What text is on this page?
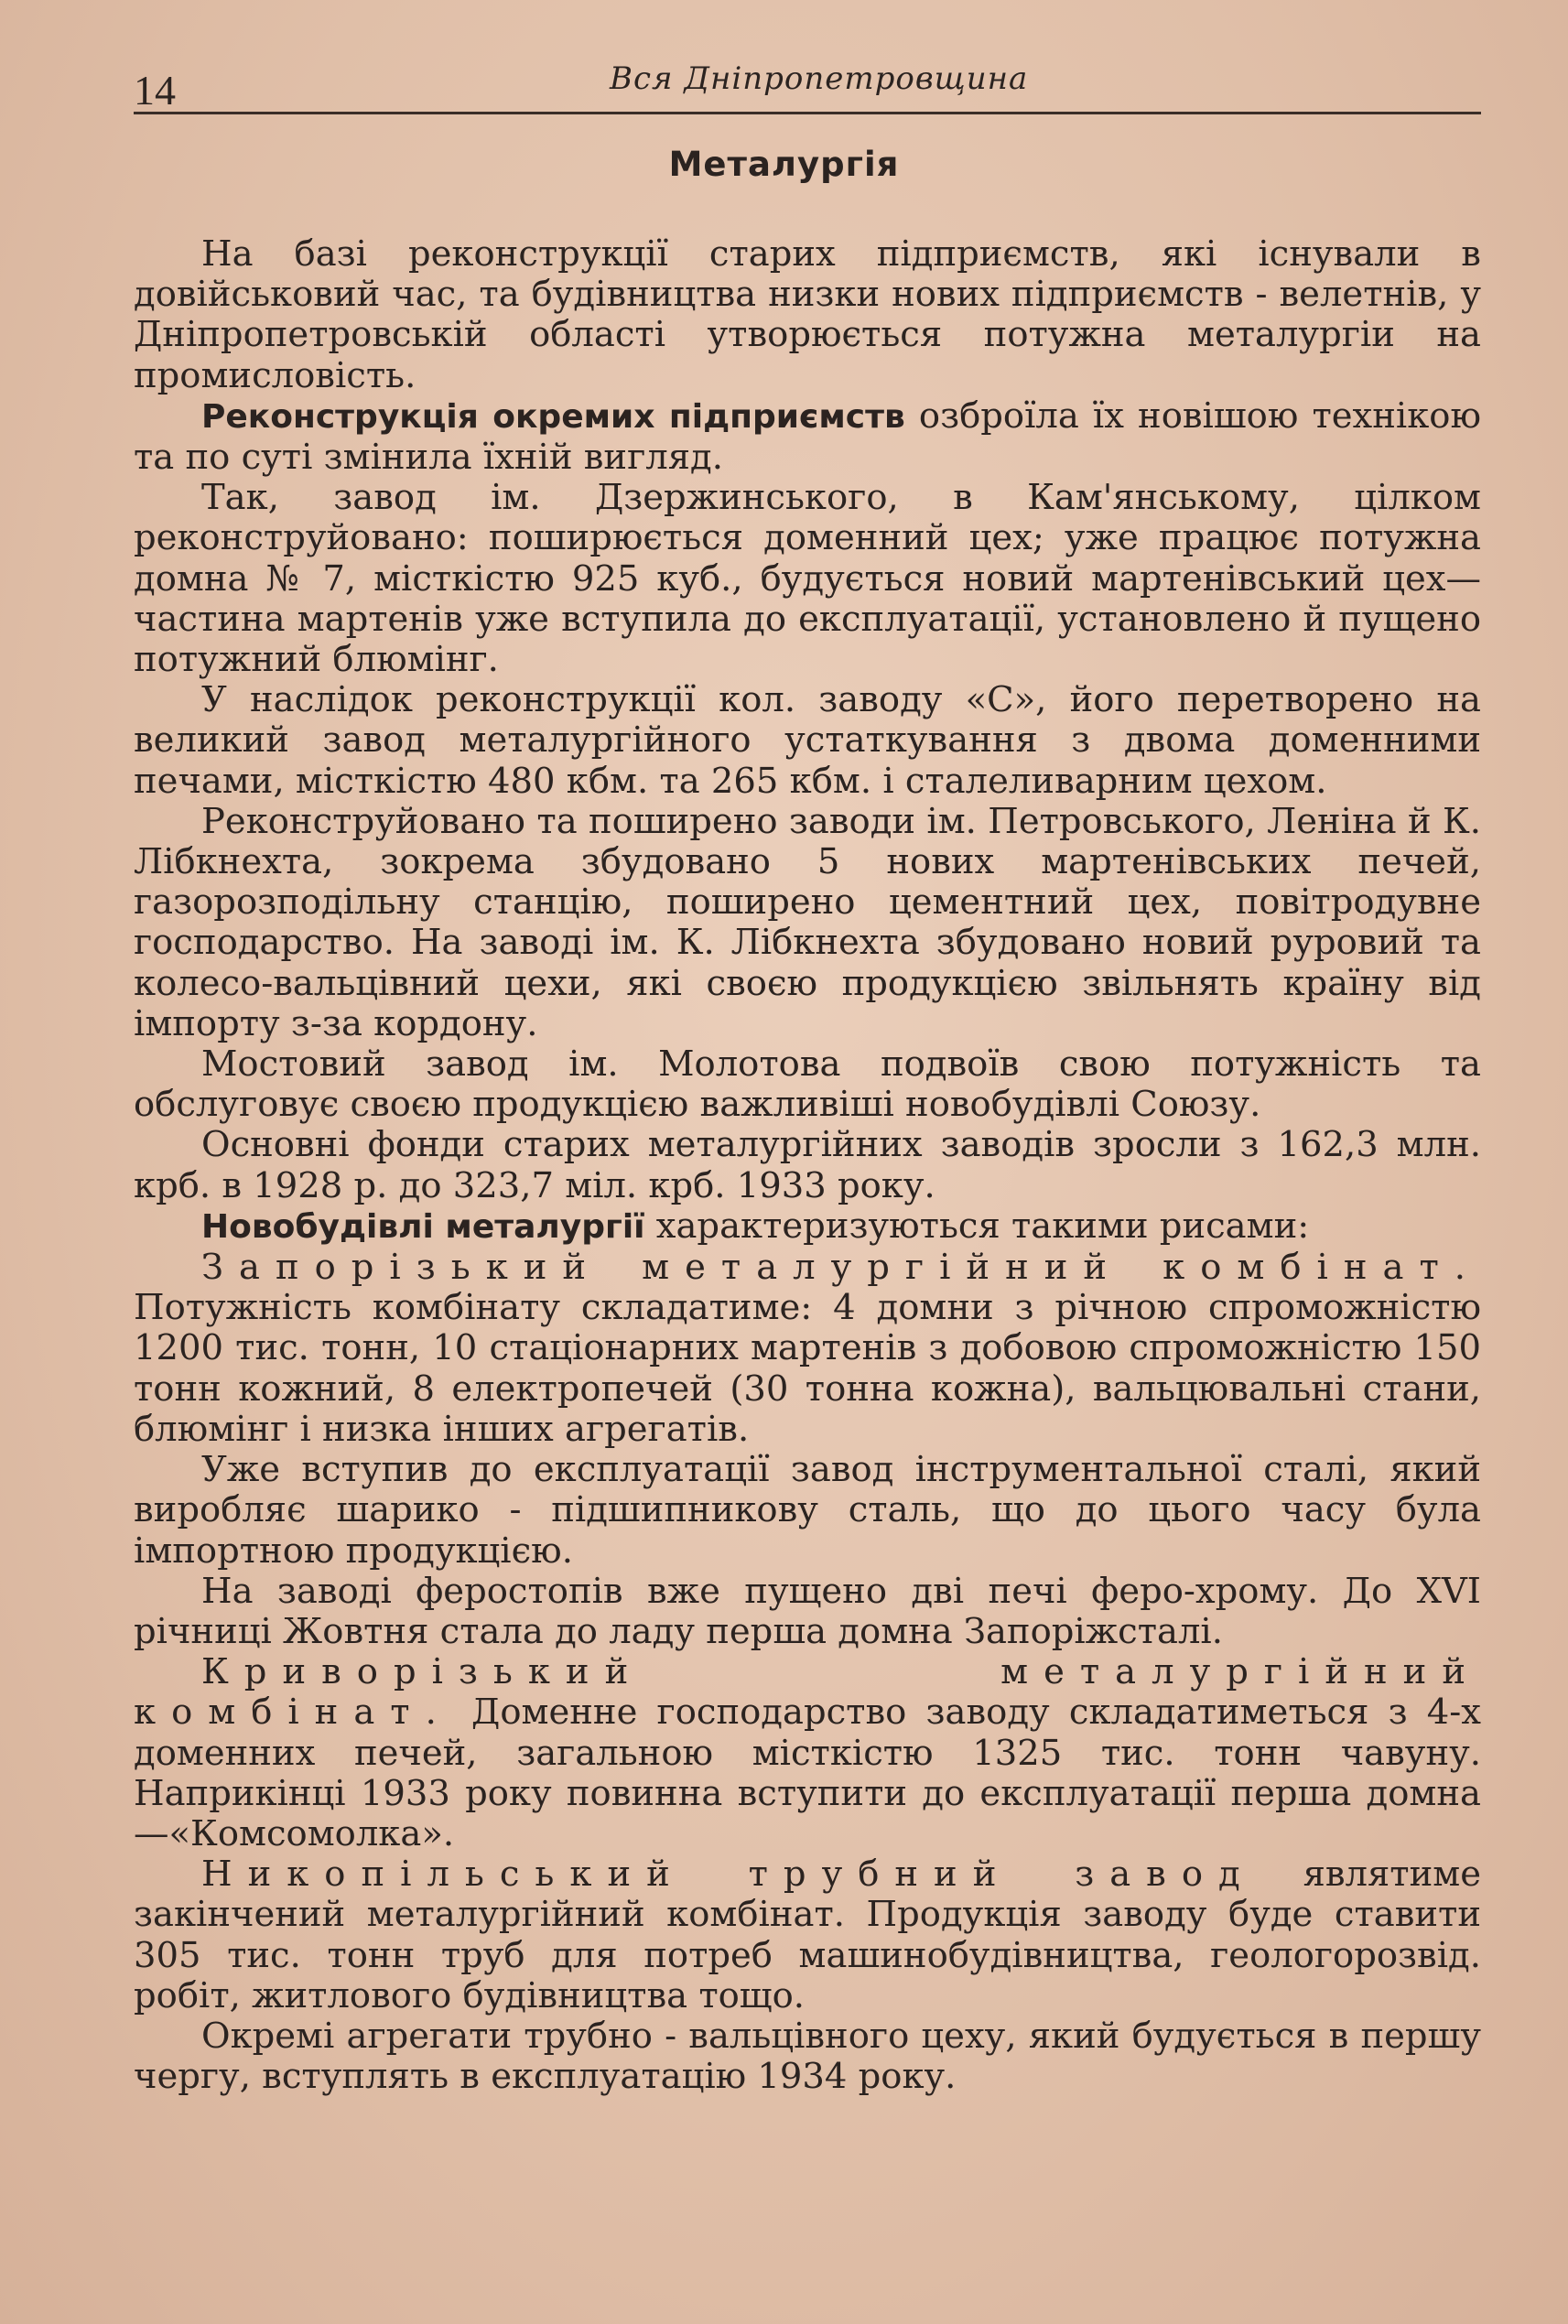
14	Вся Дніпропетровщина
Металургія

На базі реконструкції старих підприємств, які існували в довійськовий час, та будівництва низки нових підприємств - велетнів, у Дніпропетровській області утворюється потужна металургіи на промисловість.

Реконструкція окремих підприємств озброїла їх новішою технікою та по суті змінила їхній вигляд.

Так, завод ім. Дзержинського, в Кам'янському, цілком реконструйовано: поширюється доменний цех; уже працює потужна домна № 7, місткістю 925 куб., будується новий мартенівський цех— частина мартенів уже вступила до експлуатації, установлено й пущено потужний блюмінг.

У наслідок реконструкції кол. заводу «С», його перетворено на великий завод металургійного устаткування з двома доменними печами, місткістю 480 кбм. та 265 кбм. і сталеливарним цехом.

Реконструйовано та поширено заводи ім. Петровського, Леніна й К. Лібкнехта, зокрема збудовано 5 нових мартенівських печей, газорозподільну станцію, поширено цементний цех, повітродувне господарство. На заводі ім. К. Лібкнехта збудовано новий руровий та колесо-вальцівний цехи, які своєю продукцією звільнять країну від імпорту з-за кордону.

Мостовий завод ім. Молотова подвоїв свою потужність та обслуговує своєю продукцією важливіші новобудівлі Союзу.

Основні фонди старих металургійних заводів зросли з 162,3 млн. крб. в 1928 р. до 323,7 міл. крб. 1933 року.

Новобудівлі металургії характеризуються такими рисами:

Запорізький металургійний комбінат. Потужність комбінату складатиме: 4 домни з річною спроможністю 1200 тис. тонн, 10 стаціонарних мартенів з добовою спроможністю 150 тонн кожний, 8 електропечей (30 тонна кожна), вальцювальні стани, блюмінг і низка інших агрегатів.

Уже вступив до експлуатації завод інструментальної сталі, який виробляє шарико - підшипникову сталь, що до цього часу була імпортною продукцією.

На заводі феростопів вже пущено дві печі феро-хрому. До XVI річниці Жовтня стала до ладу перша домна Запоріжсталі.

Криворізький металургійний комбінат. Доменне господарство заводу складатиметься з 4-х доменних печей, загальною місткістю 1325 тис. тонн чавуну. Наприкінці 1933 року повинна вступити до експлуатації перша домна—«Комсомолка».

Никопільський трубний завод являтиме закінчений металургійний комбінат. Продукція заводу буде ставити 305 тис. тонн труб для потреб машинобудівництва, геологорозвід. робіт, житлового будівництва тощо.

Окремі агрегати трубно - вальцівного цеху, який будується в першу чергу, вступлять в експлуатацію 1934 року.
